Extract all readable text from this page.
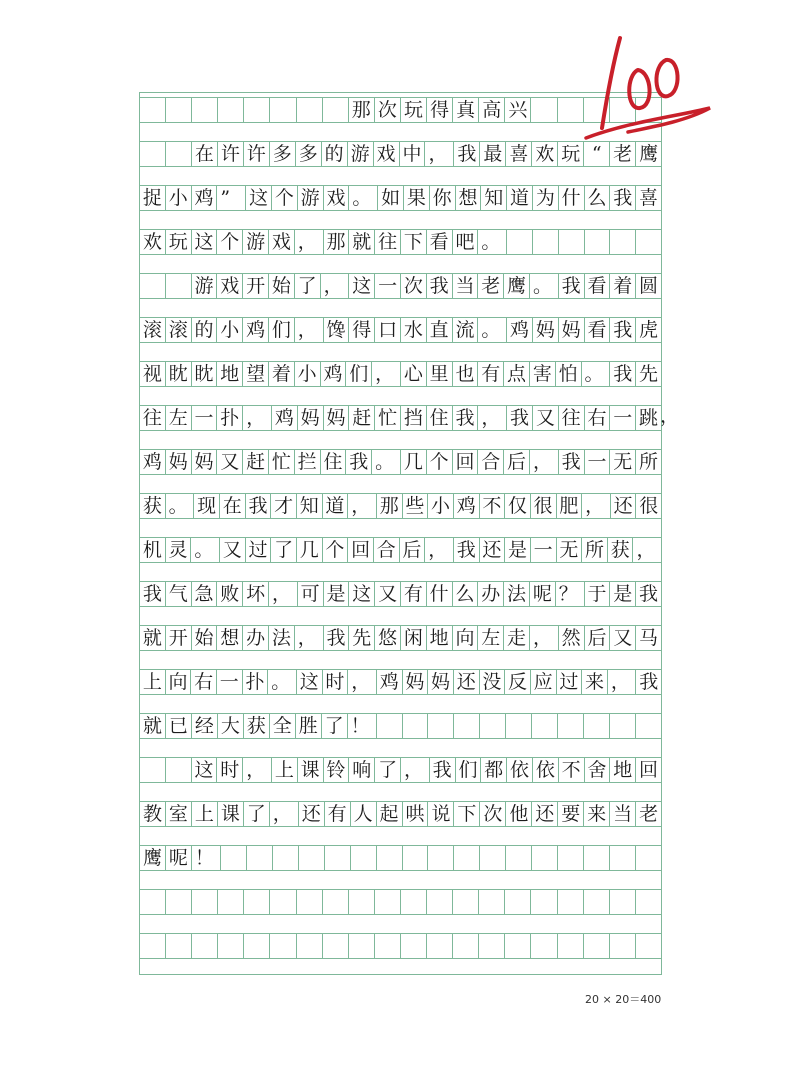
那 次 玩 得 真 高 兴
在 许 许 多 多 的 游 戏 中 ， 我 最 喜 欢 玩 “ 老 鹰
捉 小 鸡 ” 这 个 游 戏 。 如 果 你 想 知 道 为 什 么 我 喜
欢 玩 这 个 游 戏 ， 那 就 往 下 看 吧 。
游 戏 开 始 了 ， 这 一 次 我 当 老 鹰 。 我 看 着 圆
滚 滚 的 小 鸡 们 ， 馋 得 口 水 直 流 。 鸡 妈 妈 看 我 虎
视 眈 眈 地 望 着 小 鸡 们 ， 心 里 也 有 点 害 怕 。 我 先
往 左 一 扑 ， 鸡 妈 妈 赶 忙 挡 住 我 ， 我 又 往 右 一 跳
鸡 妈 妈 又 赶 忙 拦 住 我 。 几 个 回 合 后 ， 我 一 无 所
获 。 现 在 我 才 知 道 ， 那 些 小 鸡 不 仅 很 肥 ， 还 很
机 灵 。 又 过 了 几 个 回 合 后 ， 我 还 是 一 无 所 获 ，
我 气 急 败 坏 ， 可 是 这 又 有 什 么 办 法 呢 ？ 于 是 我
就 开 始 想 办 法 ， 我 先 悠 闲 地 向 左 走 ， 然 后 又 马
上 向 右 一 扑 。 这 时 ， 鸡 妈 妈 还 没 反 应 过 来 ， 我
就 已 经 大 获 全 胜 了 ！
这 时 ， 上 课 铃 响 了 ， 我 们 都 依 依 不 舍 地 回
教 室 上 课 了 ， 还 有 人 起 哄 说 下 次 他 还 要 来 当 老
鹰 呢 ！
，
20 × 20＝400
